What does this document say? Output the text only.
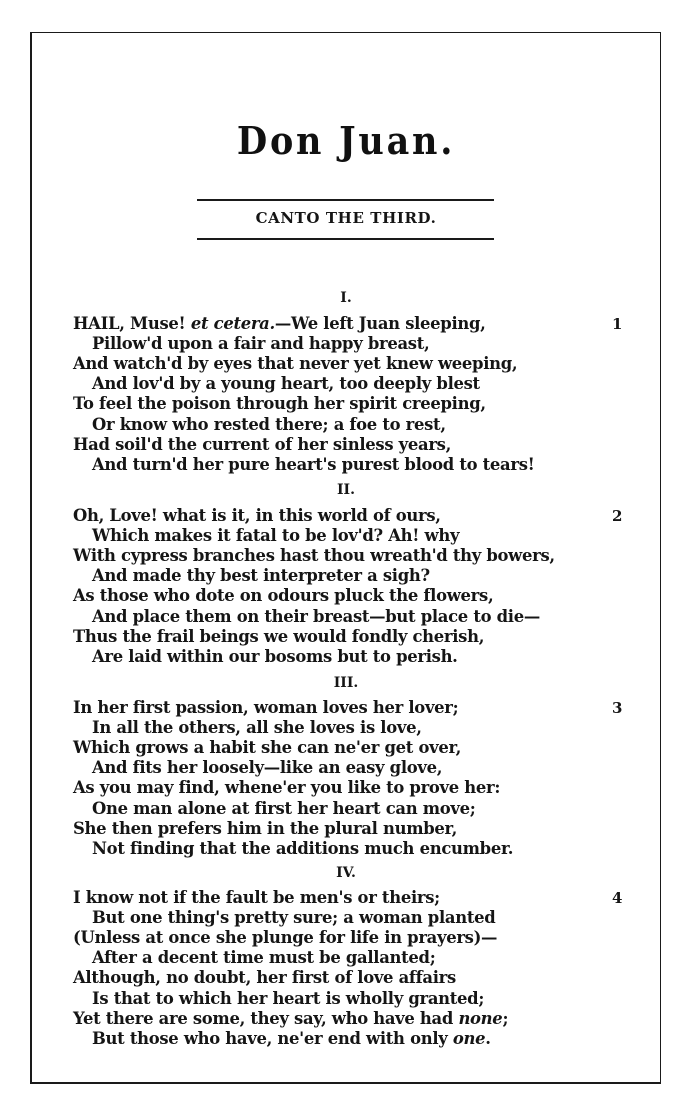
Don Juan.
CANTO THE THIRD.
I.
1
HAIL, Muse! et cetera.—We left Juan sleeping,
Pillow'd upon a fair and happy breast,
And watch'd by eyes that never yet knew weeping,
And lov'd by a young heart, too deeply blest
To feel the poison through her spirit creeping,
Or know who rested there; a foe to rest,
Had soil'd the current of her sinless years,
And turn'd her pure heart's purest blood to tears!
II.
2
Oh, Love! what is it, in this world of ours,
Which makes it fatal to be lov'd? Ah! why
With cypress branches hast thou wreath'd thy bowers,
And made thy best interpreter a sigh?
As those who dote on odours pluck the flowers,
And place them on their breast—but place to die—
Thus the frail beings we would fondly cherish,
Are laid within our bosoms but to perish.
III.
3
In her first passion, woman loves her lover;
In all the others, all she loves is love,
Which grows a habit she can ne'er get over,
And fits her loosely—like an easy glove,
As you may find, whene'er you like to prove her:
One man alone at first her heart can move;
She then prefers him in the plural number,
Not finding that the additions much encumber.
IV.
4
I know not if the fault be men's or theirs;
But one thing's pretty sure; a woman planted
(Unless at once she plunge for life in prayers)—
After a decent time must be gallanted;
Although, no doubt, her first of love affairs
Is that to which her heart is wholly granted;
Yet there are some, they say, who have had none;
But those who have, ne'er end with only one.
